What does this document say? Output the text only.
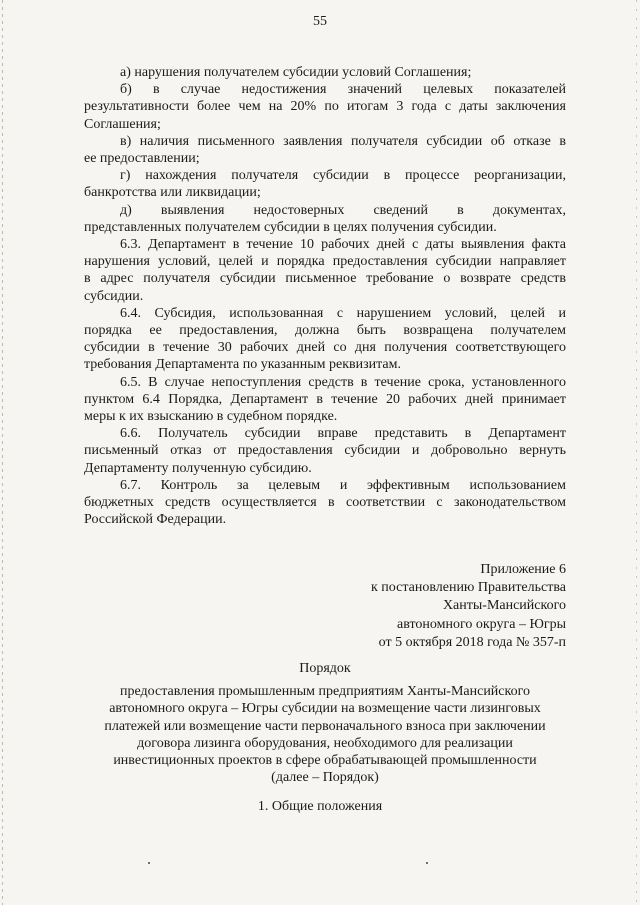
55
а) нарушения получателем субсидии условий Соглашения;
б)  в  случае  недостижения  значений  целевых  показателей
результативности более чем на 20% по итогам 3 года с даты заключения
Соглашения;
в) наличия письменного заявления получателя субсидии об отказе в
ее предоставлении;
г) нахождения получателя субсидии в процессе реорганизации,
банкротства или ликвидации;
д)  выявления  недостоверных  сведений  в  документах,
представленных получателем субсидии в целях получения субсидии.
6.3. Департамент в течение 10 рабочих дней с даты выявления факта
нарушения условий, целей и порядка предоставления субсидии направляет
в адрес получателя субсидии письменное требование о возврате средств
субсидии.
6.4. Субсидия, использованная с нарушением условий, целей и
порядка ее предоставления, должна быть возвращена получателем
субсидии в течение 30 рабочих дней со дня получения соответствующего
требования Департамента по указанным реквизитам.
6.5. В случае непоступления средств в течение срока, установленного
пунктом 6.4 Порядка, Департамент в течение 20 рабочих дней принимает
меры к их взысканию в судебном порядке.
6.6. Получатель субсидии вправе представить в Департамент
письменный отказ от предоставления субсидии и добровольно вернуть
Департаменту полученную субсидию.
6.7.  Контроль  за  целевым  и  эффективным  использованием
бюджетных средств осуществляется в соответствии с законодательством
Российской Федерации.
Приложение 6
к постановлению Правительства
Ханты-Мансийского
автономного округа – Югры
от 5 октября 2018 года № 357-п
Порядок
предоставления промышленным предприятиям Ханты-Мансийского
автономного округа – Югры субсидии на возмещение части лизинговых
платежей или возмещение части первоначального взноса при заключении
договора лизинга оборудования, необходимого для реализации
инвестиционных проектов в сфере обрабатывающей промышленности
(далее – Порядок)
1. Общие положения
